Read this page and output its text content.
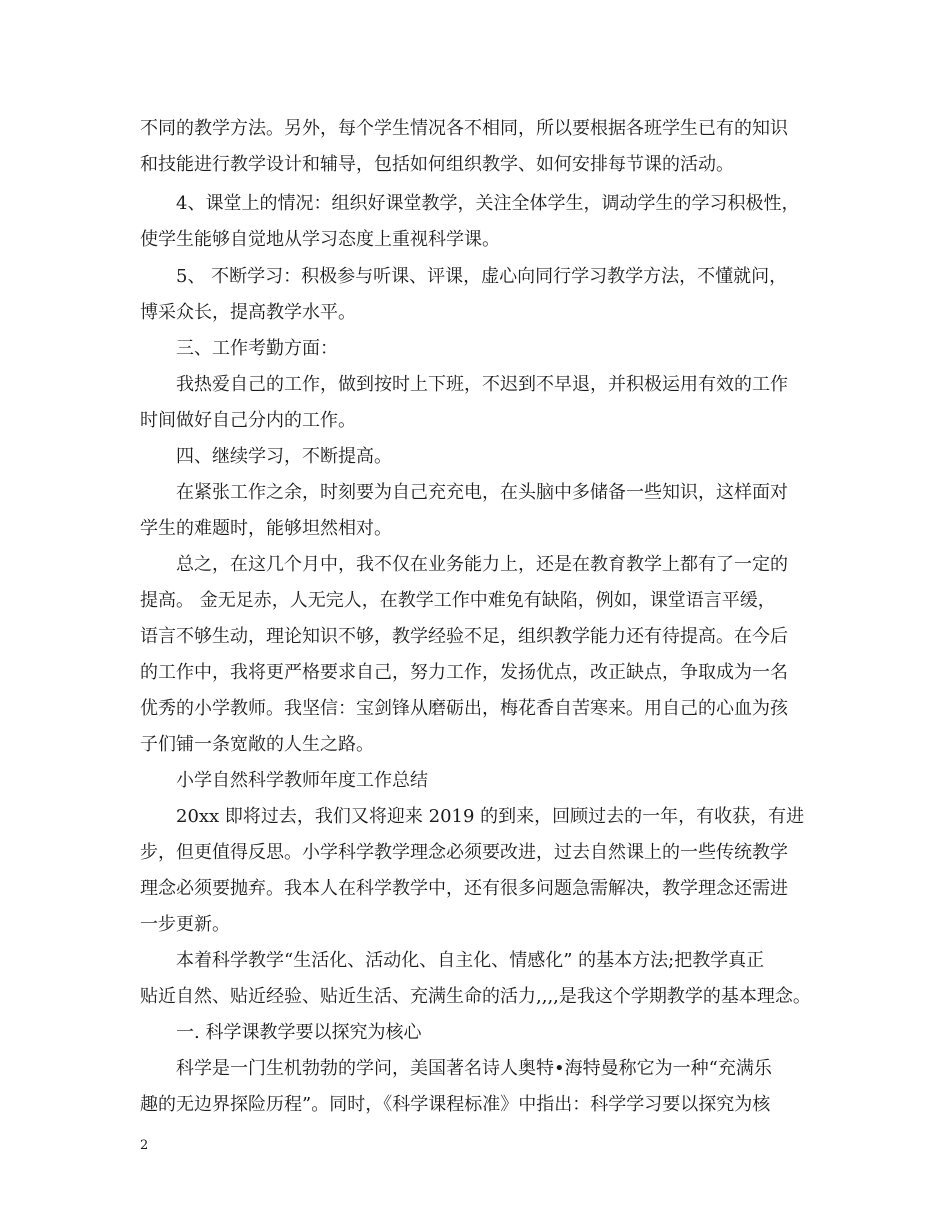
不同的教学方法。另外，每个学生情况各不相同，所以要根据各班学生已有的知识
和技能进行教学设计和辅导，包括如何组织教学、如何安排每节课的活动。
4、课堂上的情况：组织好课堂教学，关注全体学生，调动学生的学习积极性，
使学生能够自觉地从学习态度上重视科学课。
5、 不断学习：积极参与听课、评课，虚心向同行学习教学方法，不懂就问，
博采众长，提高教学水平。
三、工作考勤方面：
我热爱自己的工作，做到按时上下班，不迟到不早退，并积极运用有效的工作
时间做好自己分内的工作。
四、继续学习，不断提高。
在紧张工作之余，时刻要为自己充充电，在头脑中多储备一些知识，这样面对
学生的难题时，能够坦然相对。
总之，在这几个月中，我不仅在业务能力上，还是在教育教学上都有了一定的
提高。 金无足赤，人无完人，在教学工作中难免有缺陷，例如，课堂语言平缓，
语言不够生动，理论知识不够，教学经验不足，组织教学能力还有待提高。在今后
的工作中，我将更严格要求自己，努力工作，发扬优点，改正缺点，争取成为一名
优秀的小学教师。我坚信：宝剑锋从磨砺出，梅花香自苦寒来。用自己的心血为孩
子们铺一条宽敞的人生之路。
小学自然科学教师年度工作总结
20xx 即将过去，我们又将迎来 2019 的到来，回顾过去的一年，有收获，有进
步，但更值得反思。小学科学教学理念必须要改进，过去自然课上的一些传统教学
理念必须要抛弃。我本人在科学教学中，还有很多问题急需解决，教学理念还需进
一步更新。
本着科学教学“生活化、活动化、自主化、情感化” 的基本方法;把教学真正
贴近自然、贴近经验、贴近生活、充满生命的活力,,,,是我这个学期教学的基本理念。
一. 科学课教学要以探究为核心
科学是一门生机勃勃的学问，美国著名诗人奥特•海特曼称它为一种“充满乐
趣的无边界探险历程”。同时，《科学课程标准》中指出：科学学习要以探究为核
2
